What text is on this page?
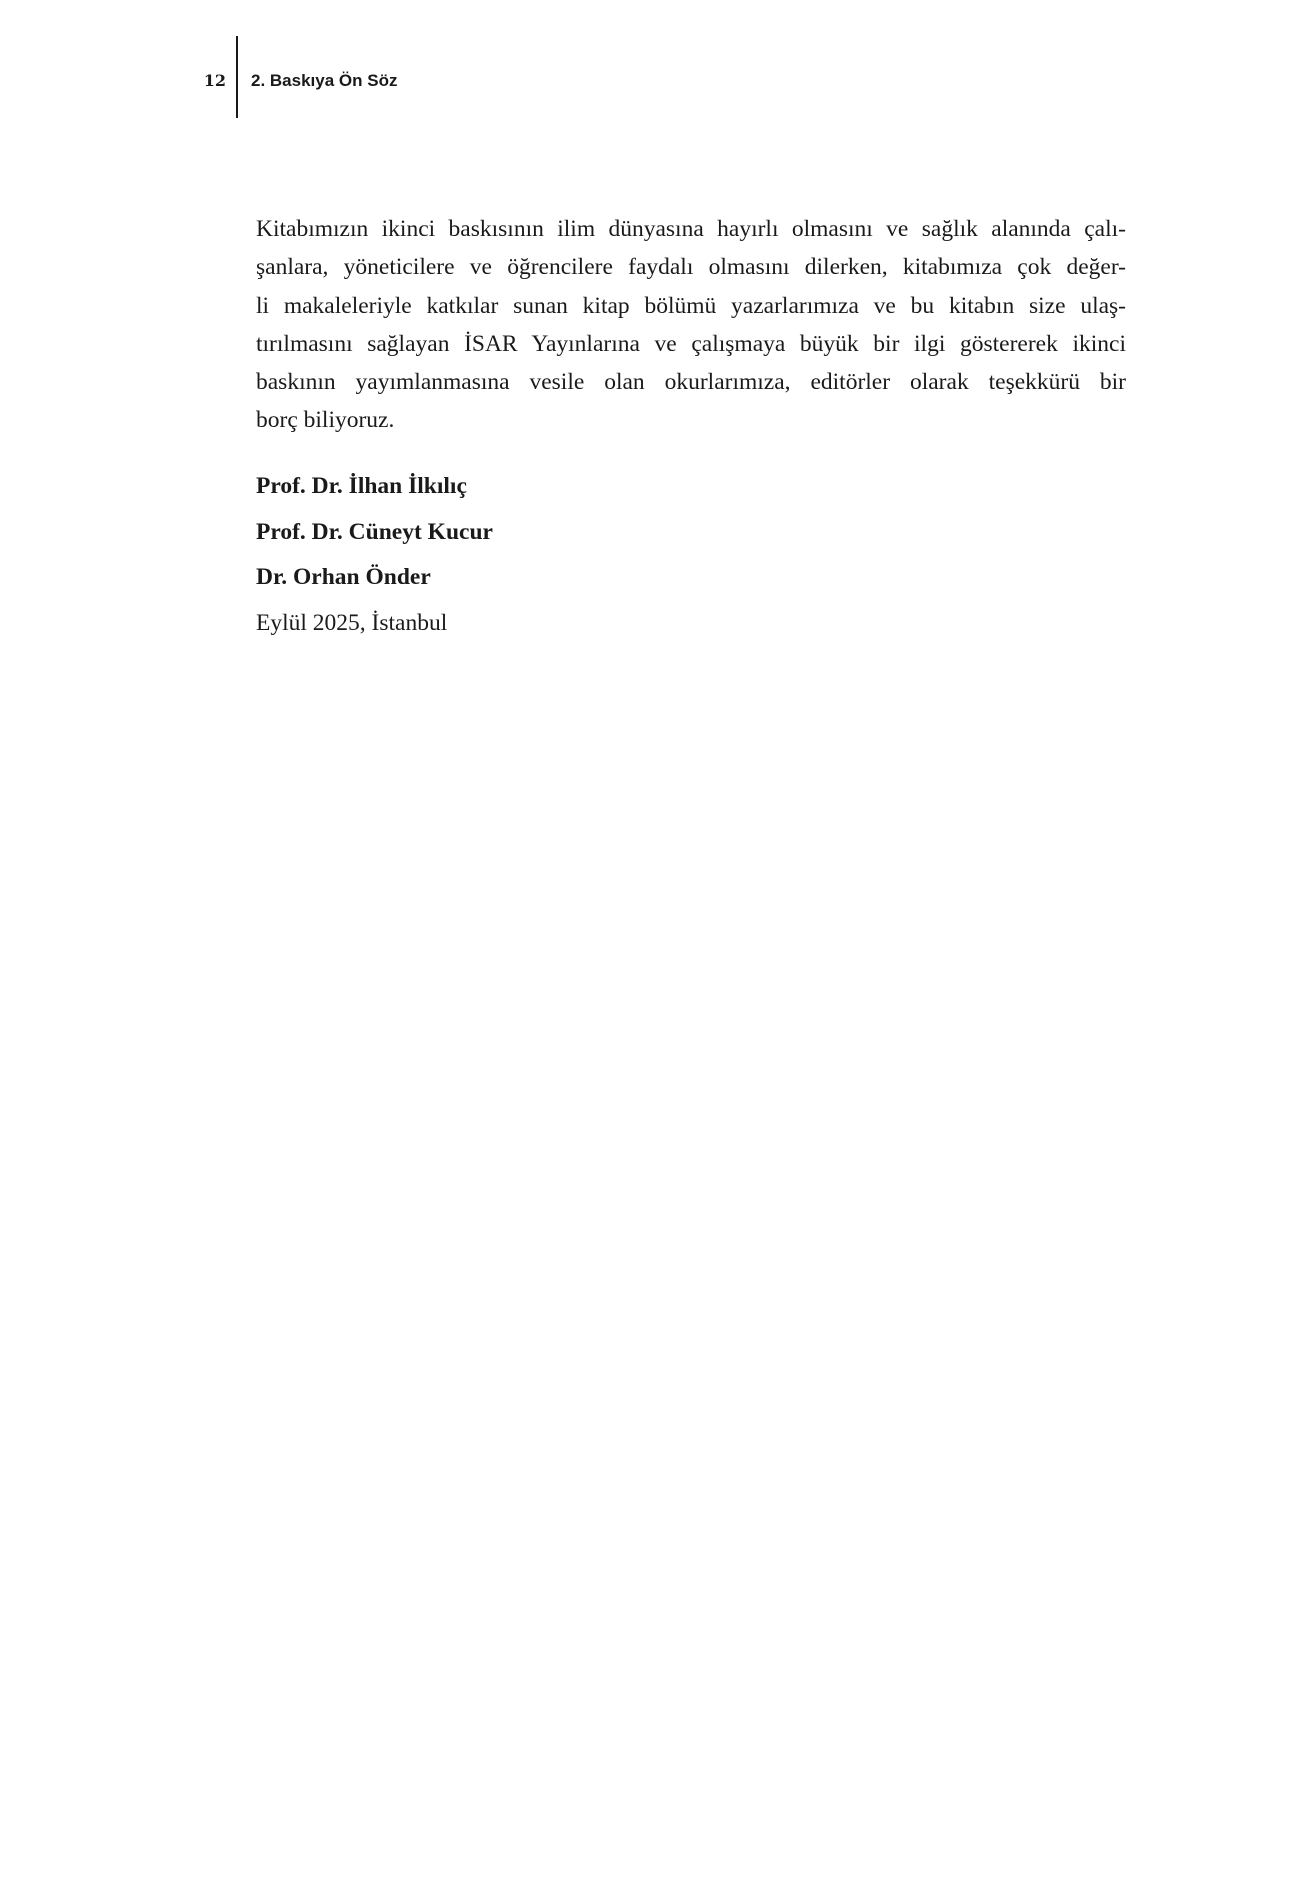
12 2. Baskıya Ön Söz

Kitabımızın ikinci baskısının ilim dünyasına hayırlı olmasını ve sağlık alanında çalı-
şanlara, yöneticilere ve öğrencilere faydalı olmasını dilerken, kitabımıza çok değer-
li makaleleriyle katkılar sunan kitap bölümü yazarlarımıza ve bu kitabın size ulaş-
tırılmasını sağlayan İSAR Yayınlarına ve çalışmaya büyük bir ilgi göstererek ikinci
baskının yayımlanmasına vesile olan okurlarımıza, editörler olarak teşekkürü bir
borç biliyoruz.

Prof. Dr. İlhan İlkılıç
Prof. Dr. Cüneyt Kucur
Dr. Orhan Önder
Eylül 2025, İstanbul
